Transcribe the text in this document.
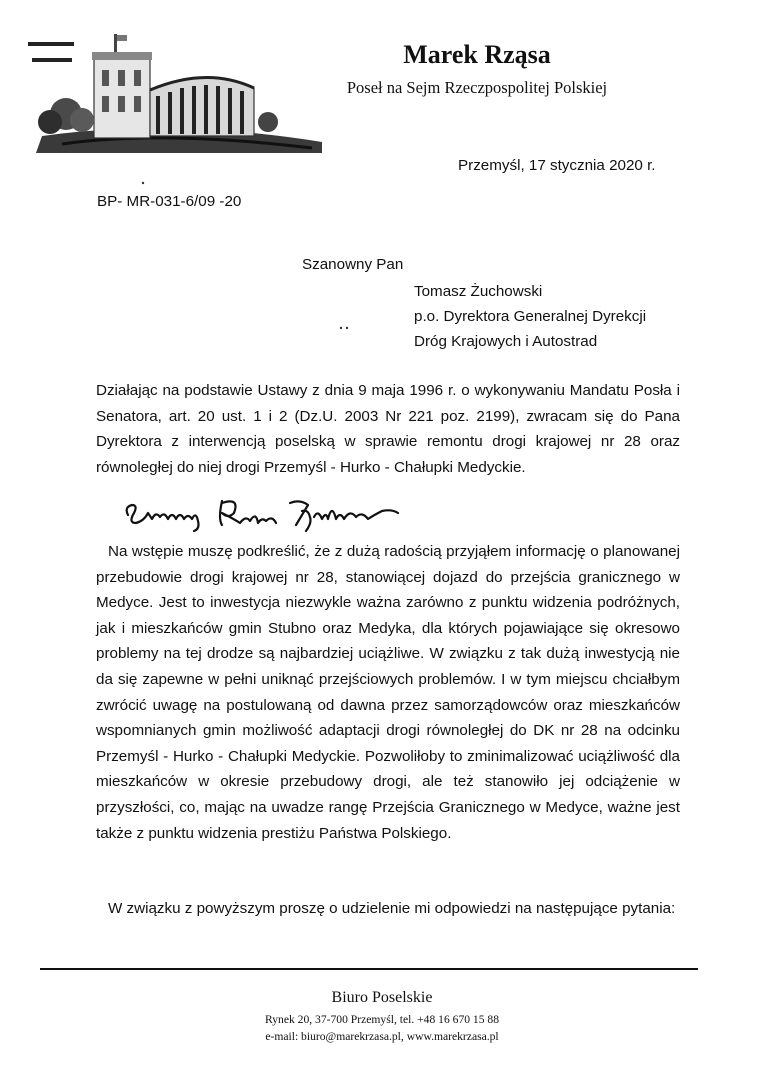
Marek Rząsa
Poseł na Sejm Rzeczpospolitej Polskiej
Przemyśl, 17 stycznia 2020 r.
BP- MR-031-6/09 -20
Szanowny Pan
Tomasz Żuchowski
p.o. Dyrektora Generalnej Dyrekcji
Dróg Krajowych i Autostrad

Działając na podstawie Ustawy z dnia 9 maja 1996 r. o wykonywaniu Mandatu Posła i Senatora, art. 20 ust. 1 i 2 (Dz.U. 2003 Nr 221 poz. 2199), zwracam się do Pana Dyrektora z interwencją poselską w sprawie remontu drogi krajowej nr 28 oraz równoległej do niej drogi Przemyśl - Hurko - Chałupki Medyckie.

Na wstępie muszę podkreślić, że z dużą radością przyjąłem informację o planowanej przebudowie drogi krajowej nr 28, stanowiącej dojazd do przejścia granicznego w Medyce. Jest to inwestycja niezwykle ważna zarówno z punktu widzenia podróżnych, jak i mieszkańców gmin Stubno oraz Medyka, dla których pojawiające się okresowo problemy na tej drodze są najbardziej uciążliwe. W związku z tak dużą inwestycją nie da się zapewne w pełni uniknąć przejściowych problemów. I w tym miejscu chciałbym zwrócić uwagę na postulowaną od dawna przez samorządowców oraz mieszkańców wspomnianych gmin możliwość adaptacji drogi równoległej do DK nr 28 na odcinku Przemyśl - Hurko - Chałupki Medyckie. Pozwoliłoby to zminimalizować uciążliwość dla mieszkańców w okresie przebudowy drogi, ale też stanowiło jej odciążenie w przyszłości, co, mając na uwadze rangę Przejścia Granicznego w Medyce, ważne jest także z punktu widzenia prestiżu Państwa Polskiego.

W związku z powyższym proszę o udzielenie mi odpowiedzi na następujące pytania:

Biuro Poselskie
Rynek 20, 37-700 Przemyśl, tel. +48 16 670 15 88
e-mail: biuro@marekrzasa.pl, www.marekrzasa.pl
